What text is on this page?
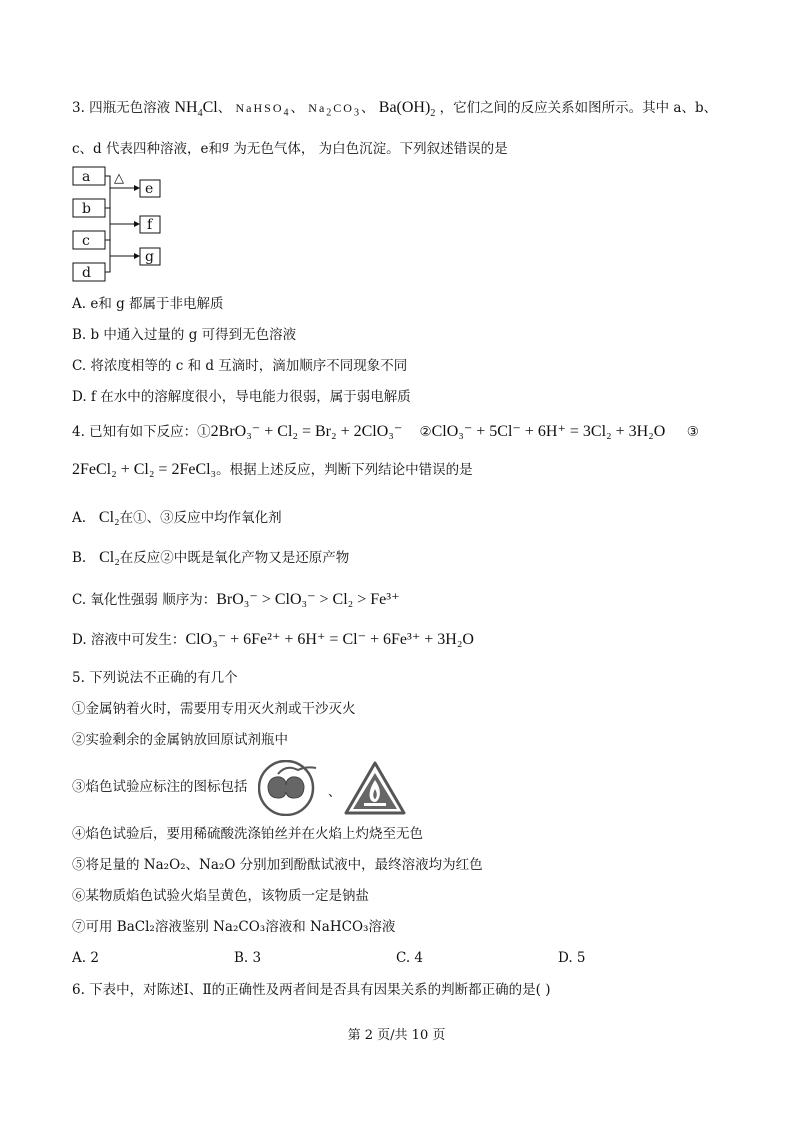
3. 四瓶无色溶液 $NH_4Cl$、 NaHSO$_4$、 $Na_2CO_3$、 $Ba(OH)_2$ ，它们之间的反应关系如图所示。其中 a、b、
c、d 代表四种溶液，e和$^g$ 为无色气体， 为白色沉淀。下列叙述错误的是
a
b
c
d
e
f
g
△
A. e和 g 都属于非电解质
B. b 中通入过量的 g 可得到无色溶液
C. 将浓度相等的 c 和 d 互滴时，滴加顺序不同现象不同
D. f 在水中的溶解度很小，导电能力很弱，属于弱电解质
4. 已知有如下反应：①2BrO₃⁻ + Cl₂ = Br₂ + 2ClO₃⁻ ②ClO₃⁻ + 5Cl⁻ + 6H⁺ = 3Cl₂ + 3H₂O ③
2FeCl₂ + Cl₂ = 2FeCl₃。根据上述反应，判断下列结论中错误的是
A. Cl₂在①、③反应中均作氧化剂
B. Cl₂在反应②中既是氧化产物又是还原产物
C. 氧化性强弱 顺序为：BrO₃⁻ > ClO₃⁻ > Cl₂ > Fe³⁺
D. 溶液中可发生：ClO₃⁻ + 6Fe²⁺ + 6H⁺ = Cl⁻ + 6Fe³⁺ + 3H₂O
5. 下列说法不正确的有几个
①金属钠着火时，需要用专用灭火剂或干沙灭火
②实验剩余的金属钠放回原试剂瓶中
③焰色试验应标注的图标包括	、
④焰色试验后，要用稀硫酸洗涤铂丝并在火焰上灼烧至无色
⑤将足量的 Na₂O₂、Na₂O 分别加到酚酞试液中，最终溶液均为红色
⑥某物质焰色试验火焰呈黄色，该物质一定是钠盐
⑦可用 BaCl₂溶液鉴别 Na₂CO₃溶液和 NaHCO₃溶液
A. 2	B. 3	C. 4	D. 5
6. 下表中，对陈述Ⅰ、Ⅱ的正确性及两者间是否具有因果关系的判断都正确的是( )
第 2 页/共 10 页
